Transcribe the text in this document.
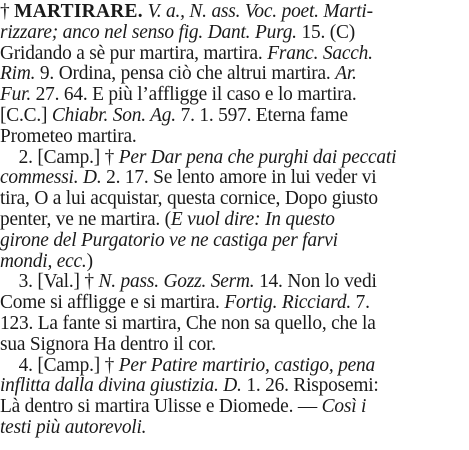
† MARTIRARE. V. a., N. ass. Voc. poet. Marti-
rizzare; anco nel senso fig. Dant. Purg. 15. (C)
Gridando a sè pur martira, martira. Franc. Sacch.
Rim. 9. Ordina, pensa ciò che altrui martira. Ar.
Fur. 27. 64. E più l’affligge il caso e lo martira.
[C.C.] Chiabr. Son. Ag. 7. 1. 597. Eterna fame
Prometeo martira.
2. [Camp.] † Per Dar pena che purghi dai peccati
commessi. D. 2. 17. Se lento amore in lui veder vi
tira, O a lui acquistar, questa cornice, Dopo giusto
penter, ve ne martira. (E vuol dire: In questo
girone del Purgatorio ve ne castiga per farvi
mondi, ecc.)
3. [Val.] † N. pass. Gozz. Serm. 14. Non lo vedi
Come si affligge e si martira. Fortig. Ricciard. 7.
123. La fante si martira, Che non sa quello, che la
sua Signora Ha dentro il cor.
4. [Camp.] † Per Patire martirio, castigo, pena
inflitta dalla divina giustizia. D. 1. 26. Risposemi:
Là dentro si martira Ulisse e Diomede. — Così i
testi più autorevoli.
